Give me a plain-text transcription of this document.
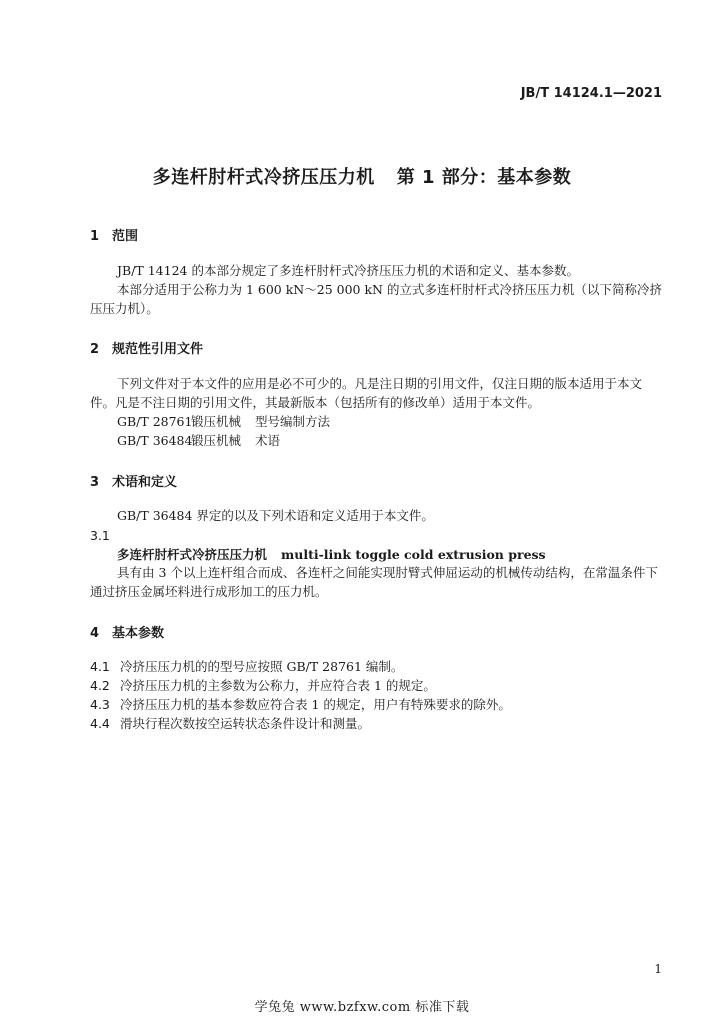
JB/T 14124.1—2021
多连杆肘杆式冷挤压压力机 第 1 部分：基本参数
1 范围
JB/T 14124 的本部分规定了多连杆肘杆式冷挤压压力机的术语和定义、基本参数。
本部分适用于公称力为 1 600 kN～25 000 kN 的立式多连杆肘杆式冷挤压压力机（以下简称冷挤压压力机）。
2 规范性引用文件
下列文件对于本文件的应用是必不可少的。凡是注日期的引用文件，仅注日期的版本适用于本文件。凡是不注日期的引用文件，其最新版本（包括所有的修改单）适用于本文件。
GB/T 28761锻压机械 型号编制方法
GB/T 36484锻压机械 术语
3 术语和定义
GB/T 36484 界定的以及下列术语和定义适用于本文件。
3.1
多连杆肘杆式冷挤压压力机 multi-link toggle cold extrusion press
具有由 3 个以上连杆组合而成、各连杆之间能实现肘臂式伸屈运动的机械传动结构，在常温条件下通过挤压金属坯料进行成形加工的压力机。
4 基本参数
4.1 冷挤压压力机的的型号应按照 GB/T 28761 编制。
4.2 冷挤压压力机的主参数为公称力，并应符合表 1 的规定。
4.3 冷挤压压力机的基本参数应符合表 1 的规定，用户有特殊要求的除外。
4.4 滑块行程次数按空运转状态条件设计和测量。
1
学兔兔 www.bzfxw.com 标准下载
